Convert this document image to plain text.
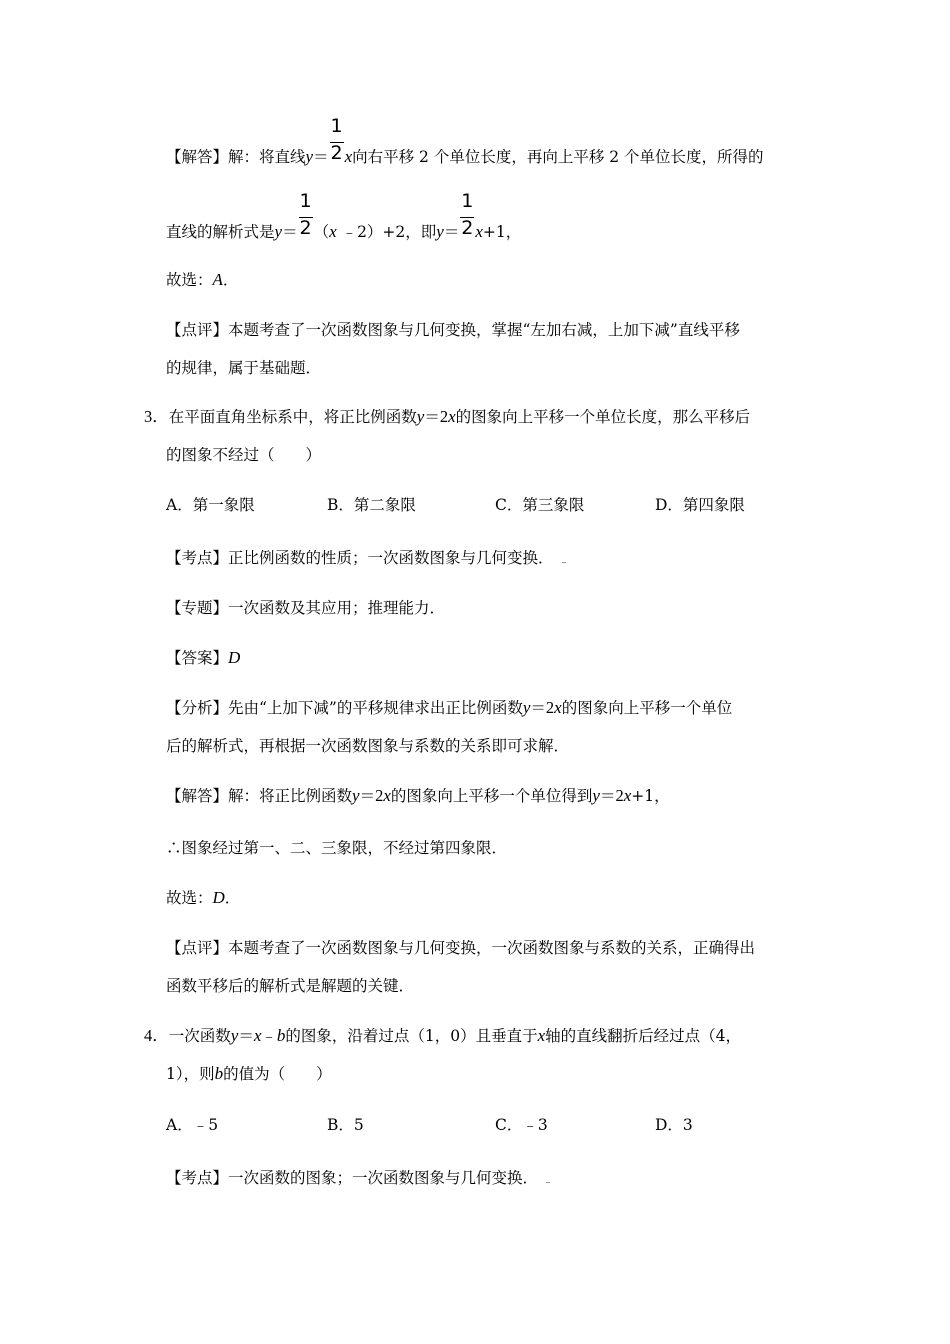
【解答】解：将直线$y= \frac{1}{2}$ x向右平移 2 个单位长度，再向上平移 2 个单位长度，所得的
直线的解析式是$y= \frac{1}{2} (x$ ﹣2）+2，即$y= \frac{1}{2} x+1$，
故选：A．
【点评】本题考查了一次函数图象与几何变换，掌握“左加右减，上加下减”直线平移
的规律，属于基础题．
3．在平面直角坐标系中，将正比例函数y＝2x的图象向上平移一个单位长度，那么平移后
的图象不经过（　　）
A．第一象限	B．第二象限	C．第三象限	D．第四象限
【考点】正比例函数的性质；一次函数图象与几何变换．
【专题】一次函数及其应用；推理能力．
【答案】D
【分析】先由“上加下减”的平移规律求出正比例函数y＝2x的图象向上平移一个单位
后的解析式，再根据一次函数图象与系数的关系即可求解．
【解答】解：将正比例函数y＝2x的图象向上平移一个单位得到y＝2x+1，
∴图象经过第一、二、三象限，不经过第四象限．
故选：D．
【点评】本题考查了一次函数图象与几何变换，一次函数图象与系数的关系，正确得出
函数平移后的解析式是解题的关键．
4．一次函数y＝x﹣b的图象，沿着过点（1，0）且垂直于x轴的直线翻折后经过点（4，
1），则b的值为（　　）
A．﹣5	B．5	C．﹣3	D．3
【考点】一次函数的图象；一次函数图象与几何变换．
